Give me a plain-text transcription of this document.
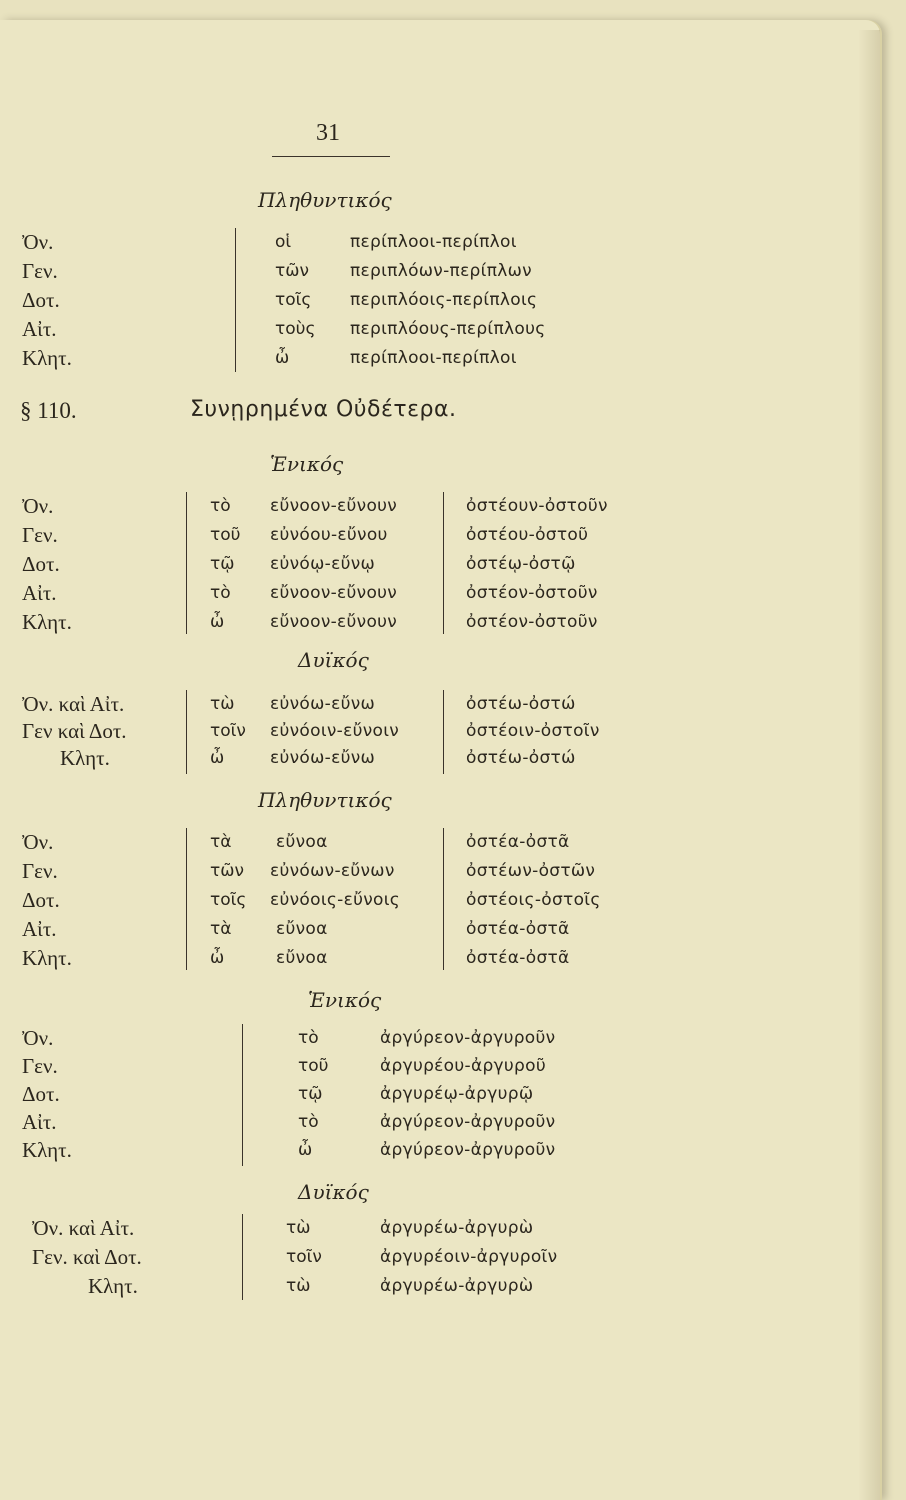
31
Πληθυντικός
Ὀν.	οἱ	περίπλοοι-περίπλοι
Γεν.	τῶν περιπλόων-περίπλων
Δοτ.	τοῖς περιπλόοις-περίπλοις
Αἰτ.	τοὺς περιπλόους-περίπλους
Κλητ.	ὦ	περίπλοοι-περίπλοι
§ 110.	Συνῃρημένα Οὐδέτερα.
Ἑνικός
Ὀν.	τὸ εὔνοον-εὔνουν	ὀστέουν-ὀστοῦν
Γεν.	τοῦ εὐνόου-εὔνου	ὀστέου-ὀστοῦ
Δοτ.	τῷ εὐνόῳ-εὔνῳ	ὀστέῳ-ὀστῷ
Αἰτ.	τὸ εὔνοον-εὔνουν	ὀστέον-ὀστοῦν
Κλητ.	ὦ	εὔνοον-εὔνουν	ὀστέον-ὀστοῦν
Δυϊκός
Ὀν. καὶ Αἰτ.	τὼ εὐνόω-εὔνω	ὀστέω-ὀστώ
Γεν καὶ Δοτ.	τοῖν εὐνόοιν-εὔνοιν	ὀστέοιν-ὀστοῖν
Κλητ.	ὦ	εὐνόω-εὔνω	ὀστέω-ὀστώ
Πληθυντικός
Ὀν.	τὰ	εὔνοα	ὀστέα-ὀστᾶ
Γεν.	τῶν εὐνόων-εὔνων	ὀστέων-ὀστῶν
Δοτ.	τοῖς εὐνόοις-εὔνοις	ὀστέοις-ὀστοῖς
Αἰτ.	τὰ	εὔνοα	ὀστέα-ὀστᾶ
Κλητ.	ὦ	εὔνοα	ὀστέα-ὀστᾶ
Ἑνικός
Ὀν.	τὸ	ἀργύρεον-ἀργυροῦν
Γεν.	τοῦ	ἀργυρέου-ἀργυροῦ
Δοτ.	τῷ	ἀργυρέῳ-ἀργυρῷ
Αἰτ.	τὸ	ἀργύρεον-ἀργυροῦν
Κλητ.	ὦ	ἀργύρεον-ἀργυροῦν
Δυϊκός
Ὀν. καὶ Αἰτ.	τὼ	ἀργυρέω-ἀργυρὼ
Γεν. καὶ Δοτ.	τοῖν	ἀργυρέοιν-ἀργυροῖν
Κλητ.	τὼ	ἀργυρέω-ἀργυρὼ
